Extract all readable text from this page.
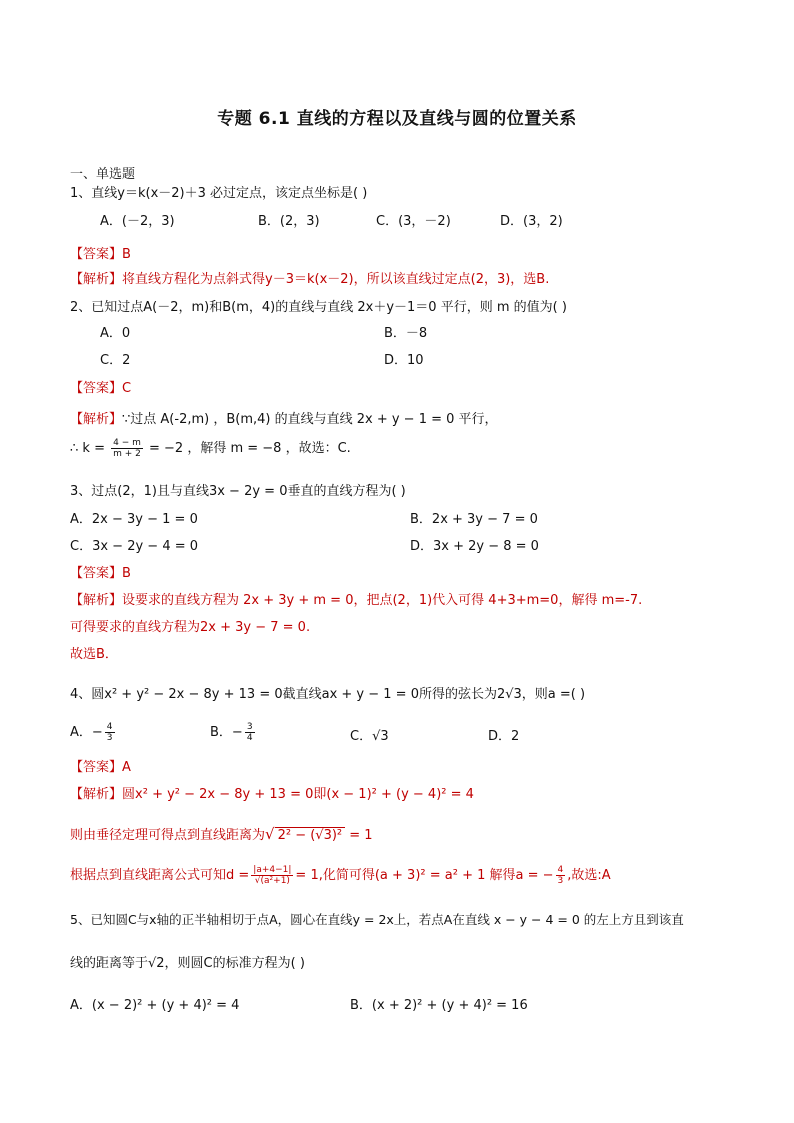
专题 6.1 直线的方程以及直线与圆的位置关系
一、单选题
1、直线y＝k(x－2)＋3 必过定点，该定点坐标是( )
A．(－2，3)	B．(2，3)	C．(3，－2)	D．(3，2)
【答案】B
【解析】将直线方程化为点斜式得y－3＝k(x－2)，所以该直线过定点(2，3)，选B.
2、已知过点A(－2，m)和B(m，4)的直线与直线 2x＋y－1＝0 平行，则 m 的值为( )
A．0	B．－8
C．2	D．10
【答案】C
【解析】∵过点 A(-2,m) ，B(m,4) 的直线与直线 2x + y − 1 = 0 平行，
∴ $k = \frac{4 - m}{m + 2} = -2$ ，解得 m = −8 ，故选：C.
3、过点(2，1)且与直线3x − 2y = 0垂直的直线方程为( )
A．2x − 3y − 1 = 0	B．2x + 3y − 7 = 0
C．3x − 2y − 4 = 0	D．3x + 2y − 8 = 0
【答案】B
【解析】设要求的直线方程为 2x + 3y + m = 0，把点(2，1)代入可得 4+3+m=0，解得 m=-7.
可得要求的直线方程为2x + 3y − 7 = 0.
故选B．
4、圆x² + y² − 2x − 8y + 13 = 0截直线ax + y − 1 = 0所得的弦长为2√3，则a =( )
A．− $\frac{4}{3}$	B．− $\frac{3}{4}$	C．√3	D．2
【答案】A
【解析】圆x² + y² − 2x − 8y + 13 = 0即(x − 1)² + (y − 4)² = 4
则由垂径定理可得点到直线距离为√ 2² − (√3)² = 1
根据点到直线距离公式可知$d = \frac{|a+4-1|}{\text{√(a²+1)}} = 1$,化简可得(a + 3)² = a² + 1 解得a = − $\frac{4}{3}$ ,故选:A
5、已知圆C与x轴的正半轴相切于点A，圆心在直线y = 2x上，若点A在直线 x − y − 4 = 0 的左上方且到该直
线的距离等于√2，则圆C的标准方程为( )
A．(x − 2)² + (y + 4)² = 4	B．(x + 2)² + (y + 4)² = 16
